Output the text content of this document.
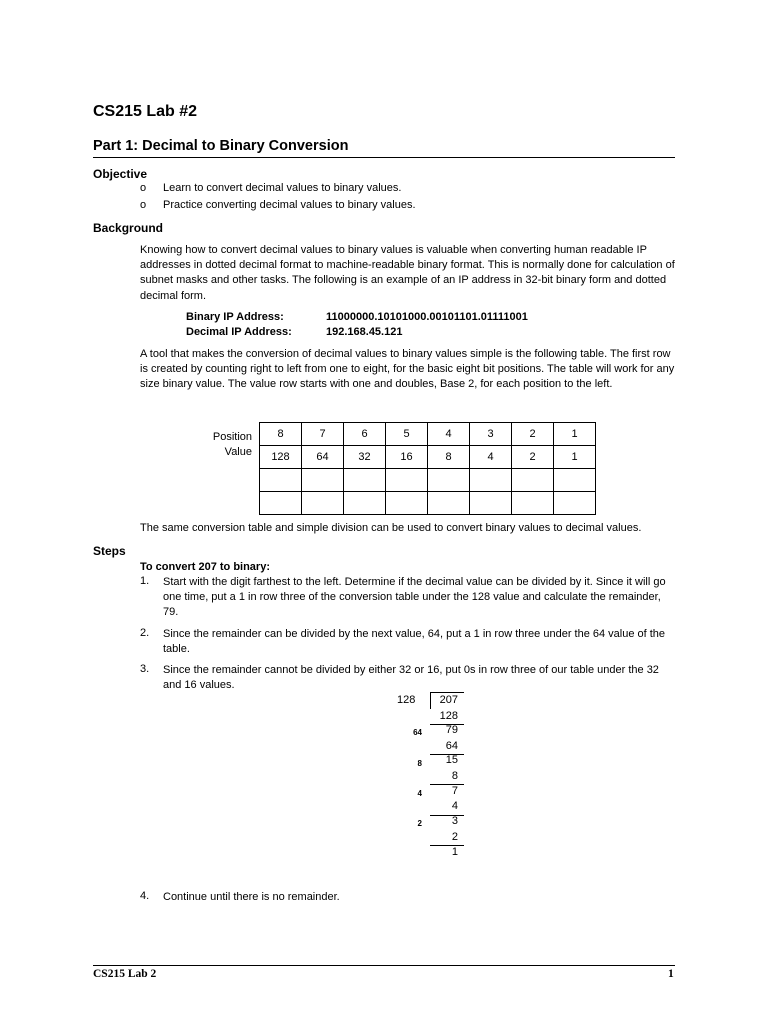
CS215 Lab #2
Part 1: Decimal to Binary Conversion
Objective
o Learn to convert decimal values to binary values.
o Practice converting decimal values to binary values.
Background
Knowing how to convert decimal values to binary values is valuable when converting human readable IP addresses in dotted decimal format to machine-readable binary format. This is normally done for calculation of subnet masks and other tasks. The following is an example of an IP address in 32-bit binary form and dotted decimal form.
Binary IP Address:	11000000.10101000.00101101.01111001
Decimal IP Address:	192.168.45.121
A tool that makes the conversion of decimal values to binary values simple is the following table. The first row is created by counting right to left from one to eight, for the basic eight bit positions. The table will work for any size binary value. The value row starts with one and doubles, Base 2, for each position to the left.
Position
Value
8	7	6	5	4	3	2	1
128	64	32	16	8	4	2	1

The same conversion table and simple division can be used to convert binary values to decimal values.
Steps
To convert 207 to binary:
1. Start with the digit farthest to the left. Determine if the decimal value can be divided by it. Since it will go one time, put a 1 in row three of the conversion table under the 128 value and calculate the remainder, 79.
2. Since the remainder can be divided by the next value, 64, put a 1 in row three under the 64 value of the table.
3. Since the remainder cannot be divided by either 32 or 16, put 0s in row three of our table under the 32 and 16 values.
128	207
128
64	79
64
8	15
8
4	7
4
2	3
2
1
4. Continue until there is no remainder.
CS215 Lab 2	1
